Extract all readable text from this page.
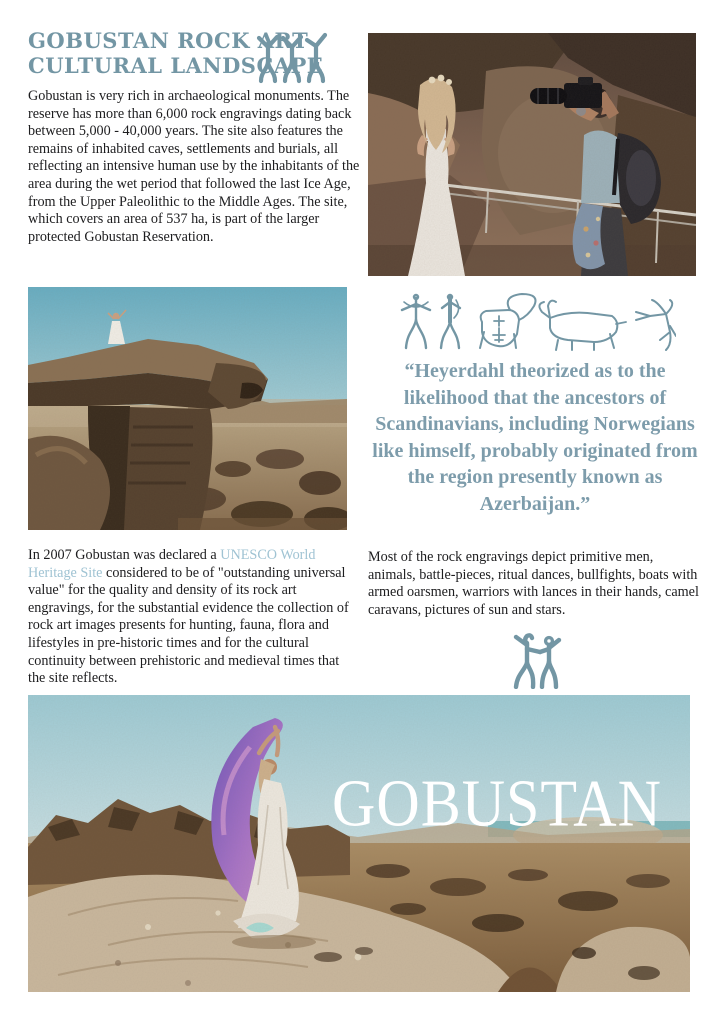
GOBUSTAN ROCK ART
CULTURAL LANDSCAPE

Gobustan is very rich in archaeological monuments. The reserve has more than 6,000 rock engravings dating back between 5,000 - 40,000 years. The site also features the remains of inhabited caves, settlements and burials, all reflecting an intensive human use by the inhabitants of the area during the wet period that followed the last Ice Age, from the Upper Paleolithic to the Middle Ages. The site, which covers an area of 537 ha, is part of the larger protected Gobustan Reservation.

“Heyerdahl theorized as to the likelihood that the ancestors of Scandinavians, including Norwegians like himself, probably originated from the region presently known as Azerbaijan.”

In 2007 Gobustan was declared a UNESCO World Heritage Site considered to be of "outstanding universal value" for the quality and density of its rock art engravings, for the substantial evidence the collection of rock art images presents for hunting, fauna, flora and lifestyles in pre-historic times and for the cultural continuity between prehistoric and medieval times that the site reflects.

Most of the rock engravings depict primitive men, animals, battle-pieces, ritual dances, bullfights, boats with armed oarsmen, warriors with lances in their hands, camel caravans, pictures of sun and stars.

GOBUSTAN
